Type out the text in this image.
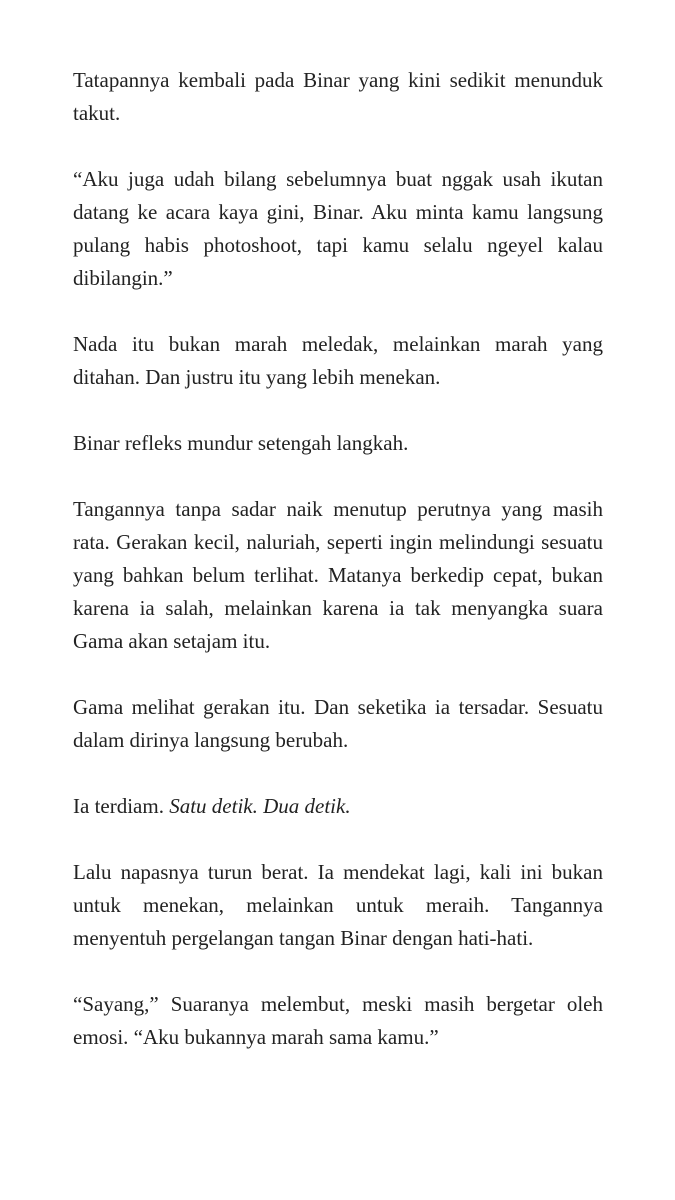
Tatapannya kembali pada Binar yang kini sedikit menunduk takut.

“Aku juga udah bilang sebelumnya buat nggak usah ikutan datang ke acara kaya gini, Binar. Aku minta kamu langsung pulang habis photoshoot, tapi kamu selalu ngeyel kalau dibilangin.”

Nada itu bukan marah meledak, melainkan marah yang ditahan. Dan justru itu yang lebih menekan.

Binar refleks mundur setengah langkah.

Tangannya tanpa sadar naik menutup perutnya yang masih rata. Gerakan kecil, naluriah, seperti ingin melindungi sesuatu yang bahkan belum terlihat. Matanya berkedip cepat, bukan karena ia salah, melainkan karena ia tak menyangka suara Gama akan setajam itu.

Gama melihat gerakan itu. Dan seketika ia tersadar. Sesuatu dalam dirinya langsung berubah.

Ia terdiam. Satu detik. Dua detik.

Lalu napasnya turun berat. Ia mendekat lagi, kali ini bukan untuk menekan, melainkan untuk meraih. Tangannya menyentuh pergelangan tangan Binar dengan hati-hati.

“Sayang,” Suaranya melembut, meski masih bergetar oleh emosi. “Aku bukannya marah sama kamu.”
